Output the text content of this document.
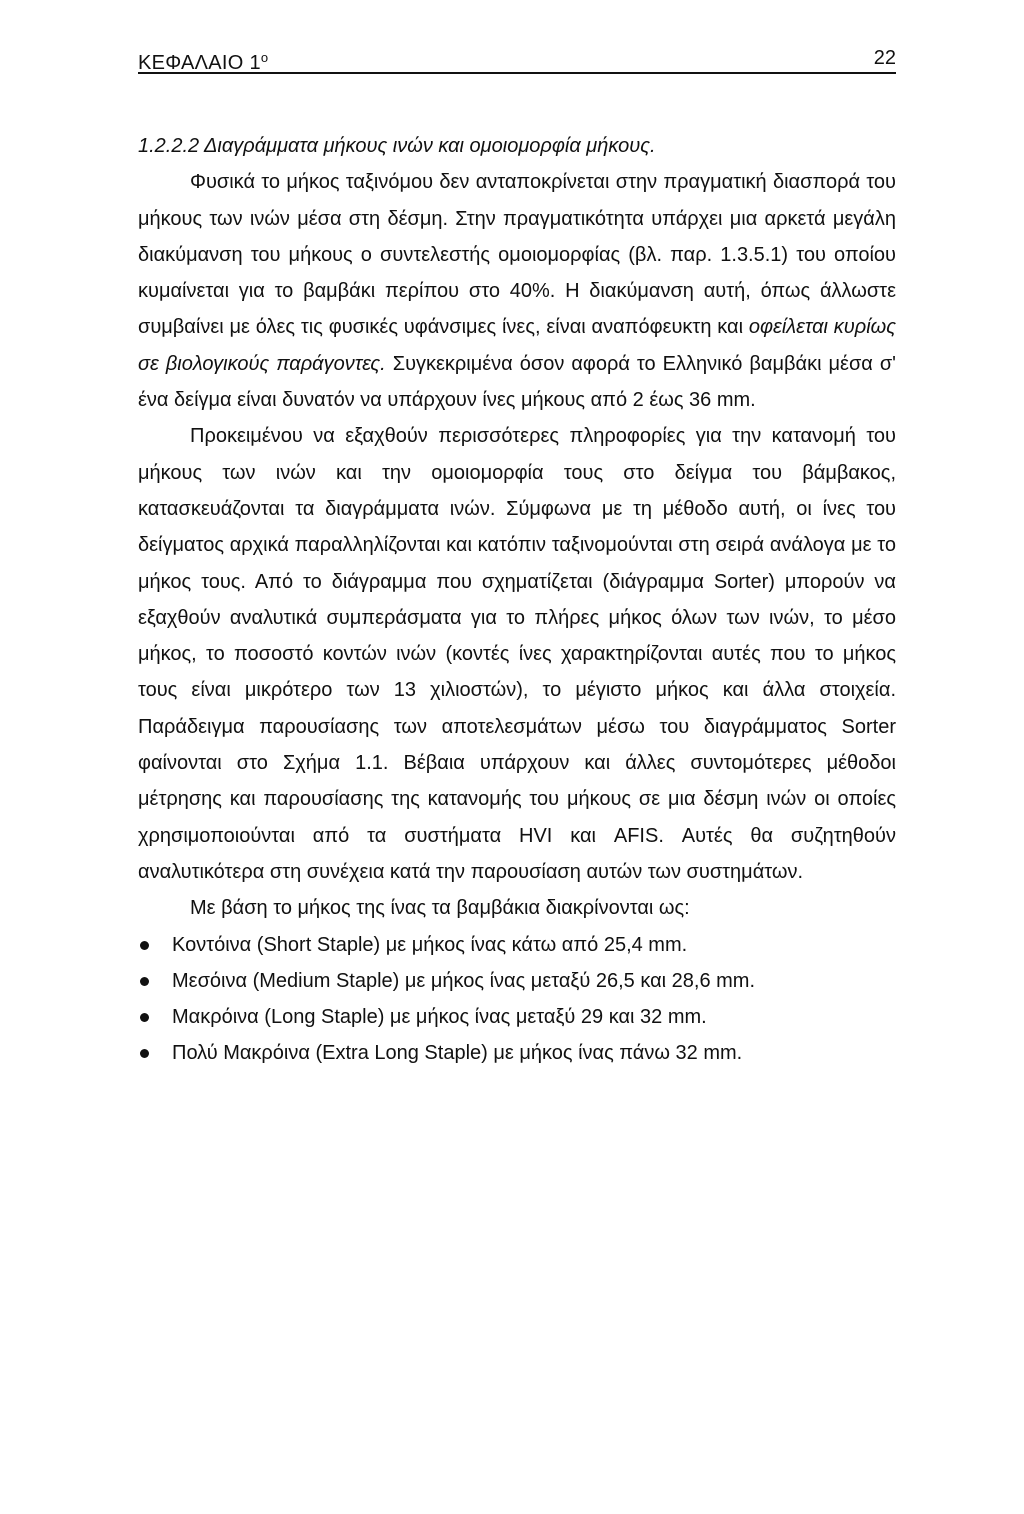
ΚΕΦΑΛΑΙΟ $1^o$	22
1.2.2.2 Διαγράμματα μήκους ινών και ομοιομορφία μήκους.

Φυσικά το μήκος ταξινόμου δεν ανταποκρίνεται στην πραγματική διασπορά του μήκους των ινών μέσα στη δέσμη. Στην πραγματικότητα υπάρχει μια αρκετά μεγάλη διακύμανση του μήκους ο συντελεστής ομοιομορφίας (βλ. παρ. 1.3.5.1) του οποίου κυμαίνεται για το βαμβάκι περίπου στο 40%. Η διακύμανση αυτή, όπως άλλωστε συμβαίνει με όλες τις φυσικές υφάνσιμες ίνες, είναι αναπόφευκτη και οφείλεται κυρίως σε βιολογικούς παράγοντες. Συγκεκριμένα όσον αφορά το Ελληνικό βαμβάκι μέσα σ' ένα δείγμα είναι δυνατόν να υπάρχουν ίνες μήκους από 2 έως 36 mm.

Προκειμένου να εξαχθούν περισσότερες πληροφορίες για την κατανομή του μήκους των ινών και την ομοιομορφία τους στο δείγμα του βάμβακος, κατασκευάζονται τα διαγράμματα ινών. Σύμφωνα με τη μέθοδο αυτή, οι ίνες του δείγματος αρχικά παραλληλίζονται και κατόπιν ταξινομούνται στη σειρά ανάλογα με το μήκος τους. Από το διάγραμμα που σχηματίζεται (διάγραμμα Sorter) μπορούν να εξαχθούν αναλυτικά συμπεράσματα για το πλήρες μήκος όλων των ινών, το μέσο μήκος, το ποσοστό κοντών ινών (κοντές ίνες χαρακτηρίζονται αυτές που το μήκος τους είναι μικρότερο των 13 χιλιοστών), το μέγιστο μήκος και άλλα στοιχεία. Παράδειγμα παρουσίασης των αποτελεσμάτων μέσω του διαγράμματος Sorter φαίνονται στο Σχήμα 1.1. Βέβαια υπάρχουν και άλλες συντομότερες μέθοδοι μέτρησης και παρουσίασης της κατανομής του μήκους σε μια δέσμη ινών οι οποίες χρησιμοποιούνται από τα συστήματα HVI και AFIS. Αυτές θα συζητηθούν αναλυτικότερα στη συνέχεια κατά την παρουσίαση αυτών των συστημάτων.

Με βάση το μήκος της ίνας τα βαμβάκια διακρίνονται ως:

Κοντόινα (Short Staple) με μήκος ίνας κάτω από 25,4 mm.
Μεσόινα (Medium Staple) με μήκος ίνας μεταξύ 26,5 και 28,6 mm.
Μακρόινα (Long Staple) με μήκος ίνας μεταξύ 29 και 32 mm.
Πολύ Μακρόινα (Extra Long Staple) με μήκος ίνας πάνω 32 mm.
